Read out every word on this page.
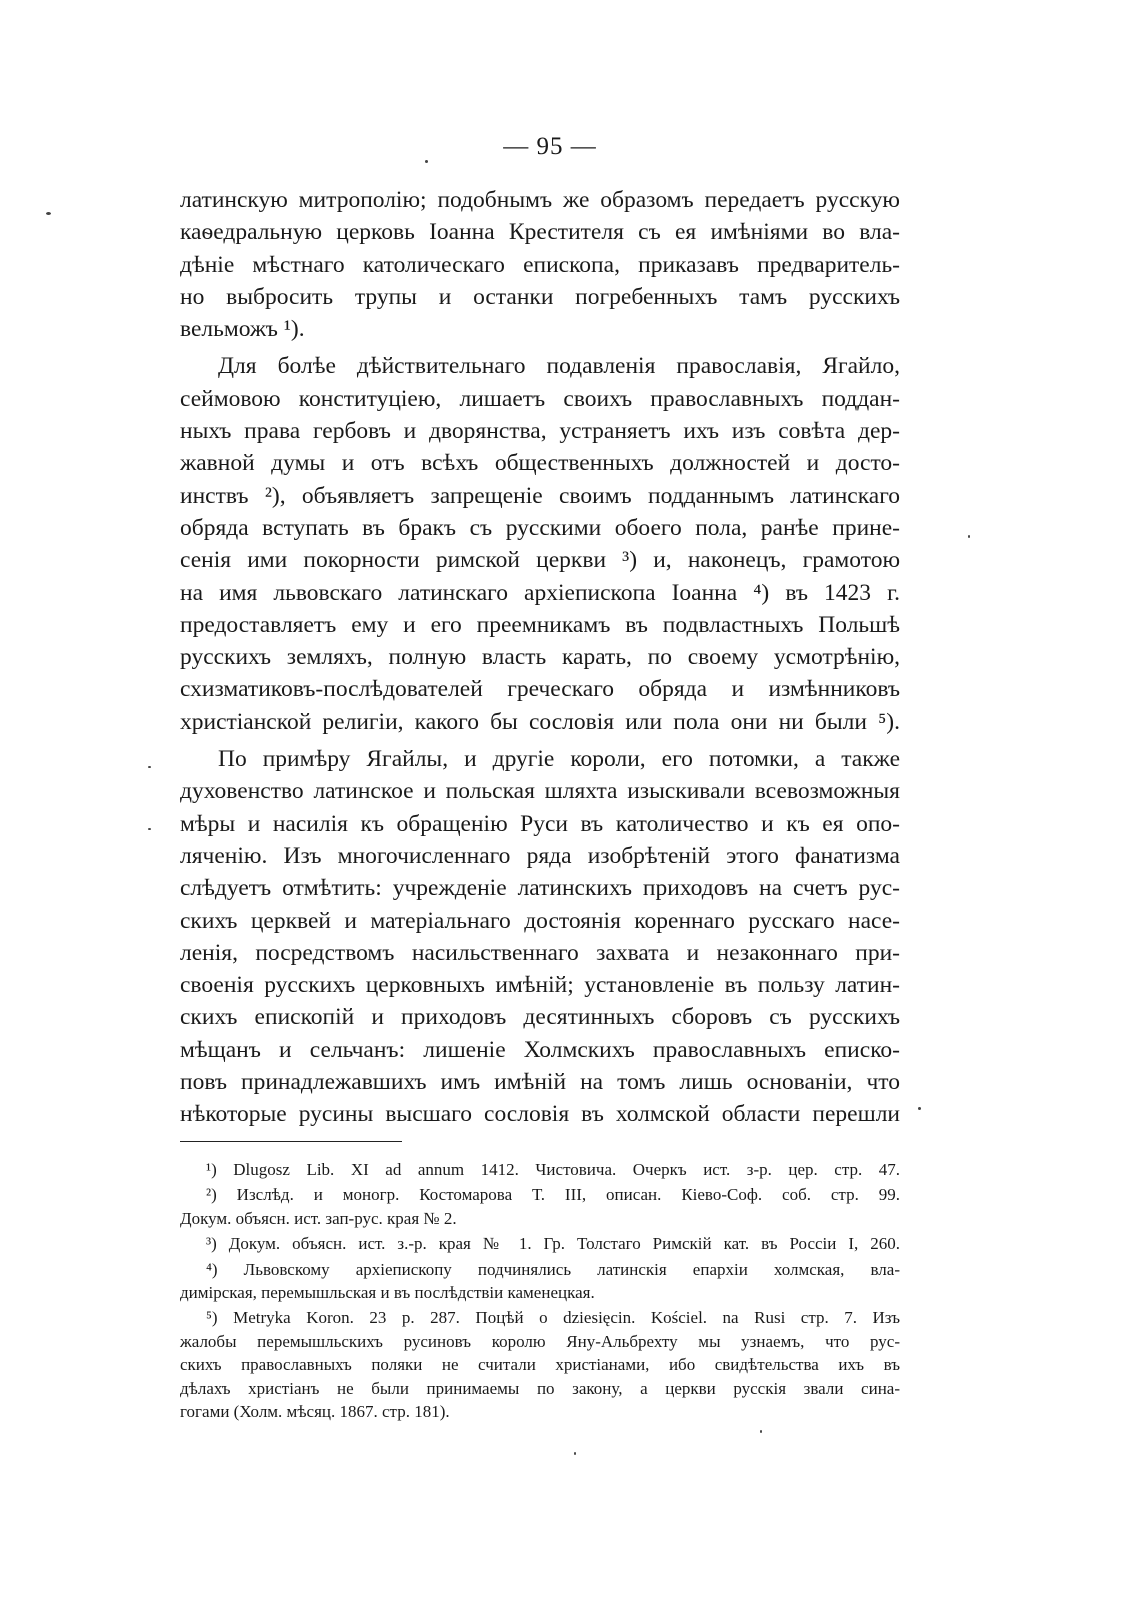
— 95 —
латинскую митрополію; подобнымъ же образомъ передаетъ русскую
каѳедральную церковь Іоанна Крестителя съ ея имѣніями во вла-
дѣніе мѣстнаго католическаго епископа, приказавъ предваритель-
но выбросить трупы и останки погребенныхъ тамъ русскихъ
вельможъ ¹).
Для болѣе дѣйствительнаго подавленія православія, Ягайло,
сеймовою конституціею, лишаетъ своихъ православныхъ поддан-
ныхъ права гербовъ и дворянства, устраняетъ ихъ изъ совѣта дер-
жавной думы и отъ всѣхъ общественныхъ должностей и досто-
инствъ ²), объявляетъ запрещеніе своимъ подданнымъ латинскаго
обряда вступать въ бракъ съ русскими обоего пола, ранѣе прине-
сенія ими покорности римской церкви ³) и, наконецъ, грамотою
на имя львовскаго латинскаго архіепископа Іоанна ⁴) въ 1423 г.
предоставляетъ ему и его преемникамъ въ подвластныхъ Польшѣ
русскихъ земляхъ, полную власть карать, по своему усмотрѣнію,
схизматиковъ-послѣдователей греческаго обряда и измѣнниковъ
христіанской религіи, какого бы сословія или пола они ни были ⁵).
По примѣру Ягайлы, и другіе короли, его потомки, а также
духовенство латинское и польская шляхта изыскивали всевозможныя
мѣры и насилія къ обращенію Руси въ католичество и къ ея опо-
ляченію. Изъ многочисленнаго ряда изобрѣтеній этого фанатизма
слѣдуетъ отмѣтить: учрежденіе латинскихъ приходовъ на счетъ рус-
скихъ церквей и матеріальнаго достоянія кореннаго русскаго насе-
ленія, посредствомъ насильственнаго захвата и незаконнаго при-
своенія русскихъ церковныхъ имѣній; установленіе въ пользу латин-
скихъ епископій и приходовъ десятинныхъ сборовъ съ русскихъ
мѣщанъ и сельчанъ: лишеніе Холмскихъ православныхъ еписко-
повъ принадлежавшихъ имъ имѣній на томъ лишь основаніи, что
нѣкоторые русины высшаго сословія въ холмской области перешли
¹) Dlugosz Lib. XI ad annum 1412. Чистовича. Очеркъ ист. з-р. цер. стр. 47.
²) Изслѣд. и моногр. Костомарова Т. III, описан. Кіево-Соф. соб. стр. 99.
Докум. объясн. ист. зап-рус. края № 2.
³) Докум. объясн. ист. з.-р. края № 1. Гр. Толстаго Римскій кат. въ Россіи I, 260.
⁴) Львовскому архіепископу подчинялись латинскія епархіи холмская, вла-
димірская, перемышльская и въ послѣдствіи каменецкая.
⁵) Metryka Koron. 23 p. 287. Поцѣй o dziesięcin. Kościel. na Rusi стр. 7. Изъ
жалобы перемышльскихъ русиновъ королю Яну-Альбрехту мы узнаемъ, что рус-
скихъ православныхъ поляки не считали христіанами, ибо свидѣтельства ихъ въ
дѣлахъ христіанъ не были принимаемы по закону, а церкви русскія звали сина-
гогами (Холм. мѣсяц. 1867. стр. 181).
